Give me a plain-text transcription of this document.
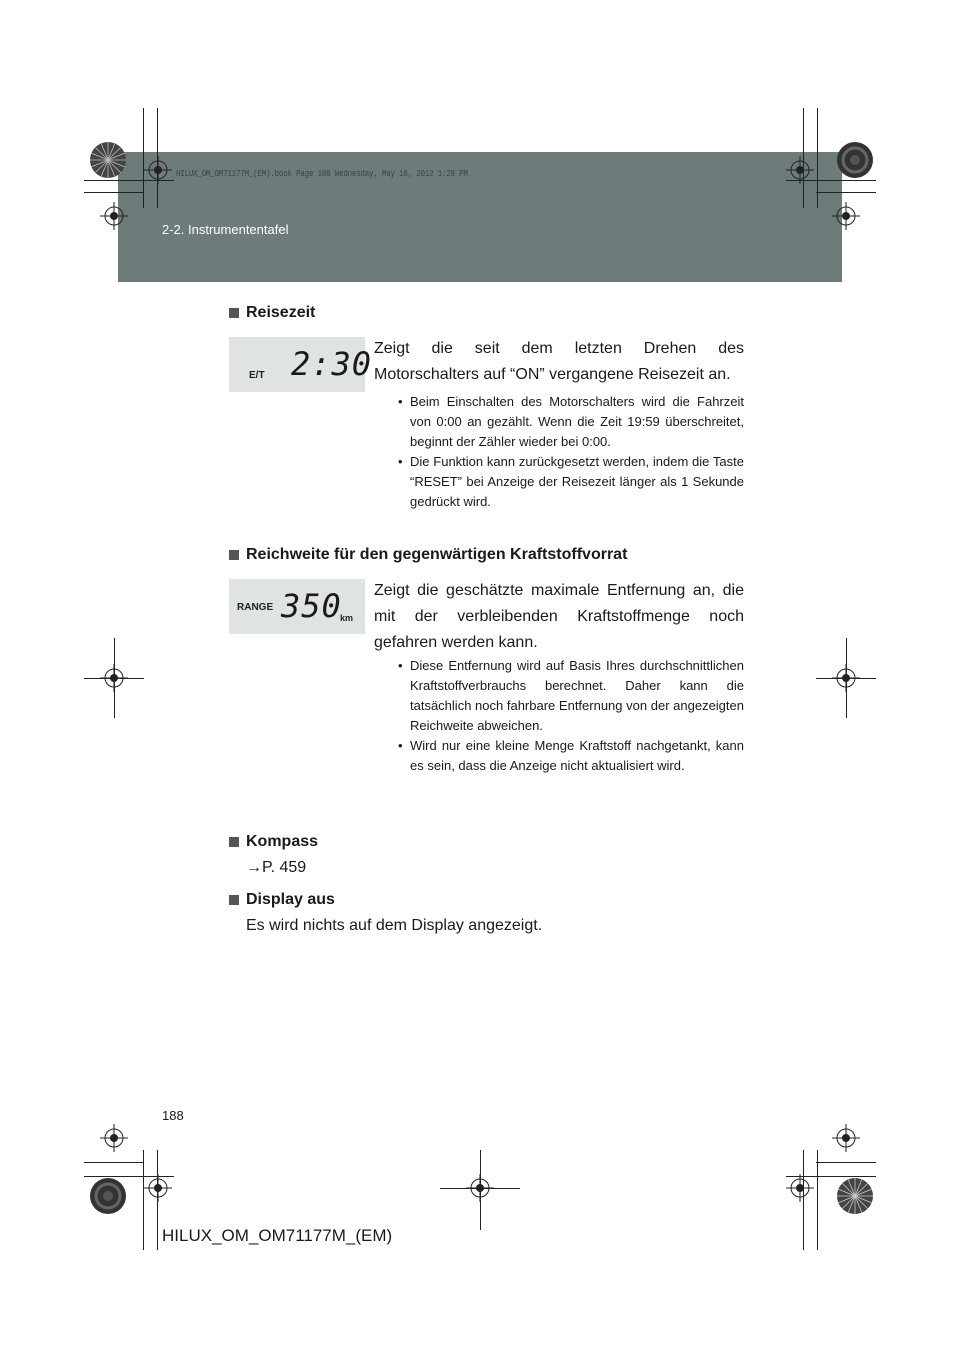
HILUX_OM_OM71177M_(EM).book Page 188 Wednesday, May 16, 2012 1:28 PM
2-2. Instrumententafel
Reisezeit
E/T 2:30 Zeigt die seit dem letzten Drehen des Motorschalters auf “ON” vergangene Reisezeit an.
• Beim Einschalten des Motorschalters wird die Fahrzeit von 0:00 an gezählt. Wenn die Zeit 19:59 überschreitet, beginnt der Zähler wieder bei 0:00.
• Die Funktion kann zurückgesetzt werden, indem die Taste “RESET” bei Anzeige der Reisezeit länger als 1 Sekunde gedrückt wird.
Reichweite für den gegenwärtigen Kraftstoffvorrat
RANGE 350
km
Zeigt die geschätzte maximale Entfernung an, die mit der verbleibenden Kraftstoffmenge noch gefahren werden kann.
• Diese Entfernung wird auf Basis Ihres durchschnittlichen Kraftstoffverbrauchs berechnet. Daher kann die tatsächlich noch fahrbare Entfernung von der angezeigten Reichweite abweichen.
• Wird nur eine kleine Menge Kraftstoff nachgetankt, kann es sein, dass die Anzeige nicht aktualisiert wird.
Kompass
→P. 459
Display aus
Es wird nichts auf dem Display angezeigt.
188
HILUX_OM_OM71177M_(EM)
